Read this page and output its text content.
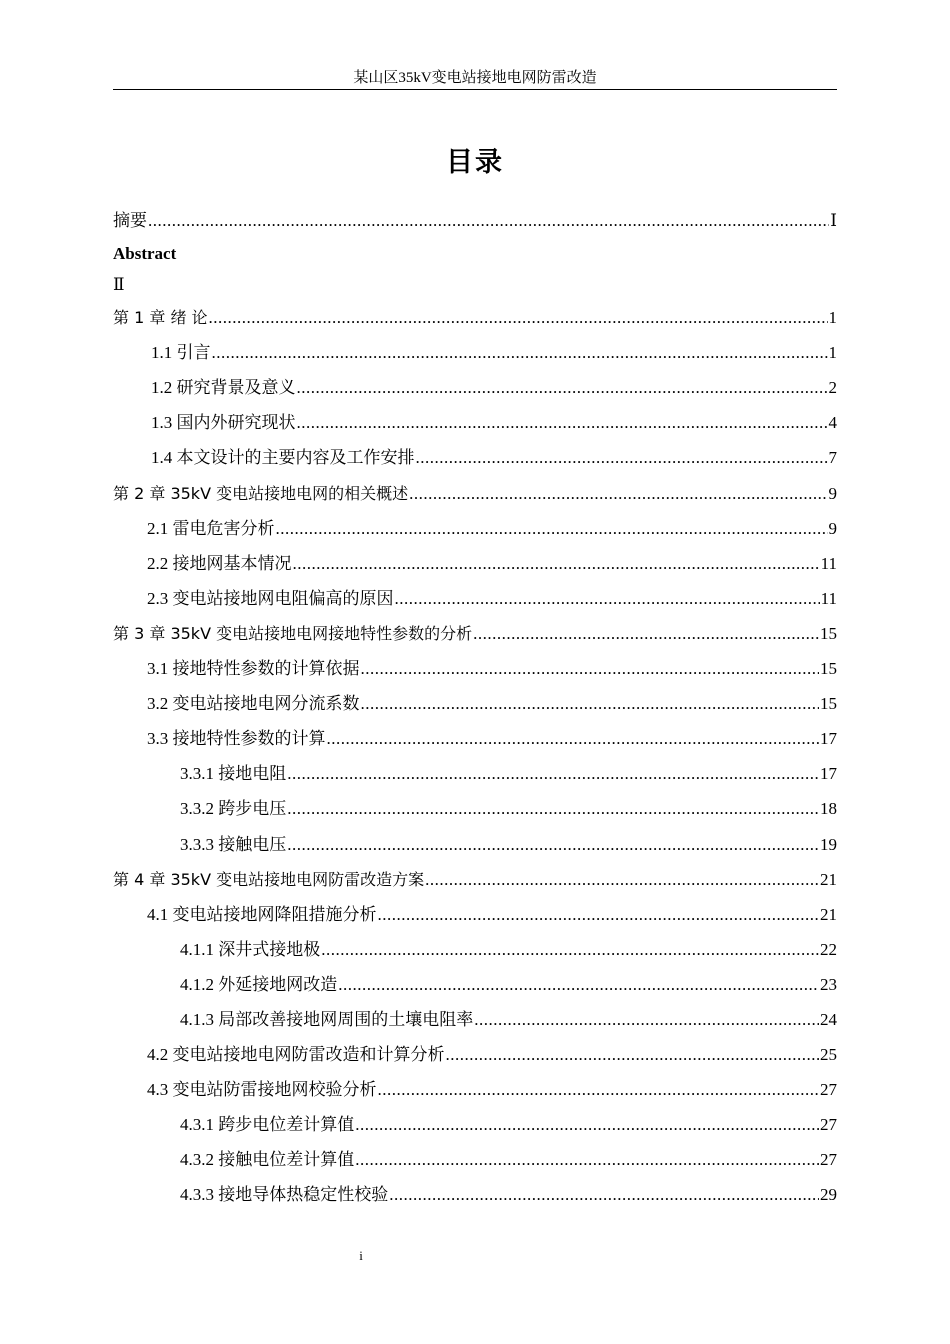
某山区35kV变电站接地电网防雷改造
目录
摘要 .....	Ⅰ
Abstract
Ⅱ
第 1 章 绪 论 .....	1
1.1 引言 .....	1
1.2 研究背景及意义 .....	2
1.3 国内外研究现状 .....	4
1.4 本文设计的主要内容及工作安排 .....	7
第 2 章 35kV 变电站接地电网的相关概述 .....	9
2.1 雷电危害分析 .....	9
2.2 接地网基本情况 .....	11
2.3 变电站接地网电阻偏高的原因 .....	11
第 3 章 35kV 变电站接地电网接地特性参数的分析 .....	15
3.1 接地特性参数的计算依据 .....	15
3.2 变电站接地电网分流系数 .....	15
3.3 接地特性参数的计算 .....	17
3.3.1 接地电阻 .....	17
3.3.2 跨步电压 .....	18
3.3.3 接触电压 .....	19
第 4 章 35kV 变电站接地电网防雷改造方案 .....	21
4.1 变电站接地网降阻措施分析 .....	21
4.1.1 深井式接地极 .....	22
4.1.2 外延接地网改造 .....	23
4.1.3 局部改善接地网周围的土壤电阻率 .....	24
4.2 变电站接地电网防雷改造和计算分析 .....	25
4.3 变电站防雷接地网校验分析 .....	27
4.3.1 跨步电位差计算值 .....	27
4.3.2 接触电位差计算值 .....	27
4.3.3 接地导体热稳定性校验 .....	29
i
